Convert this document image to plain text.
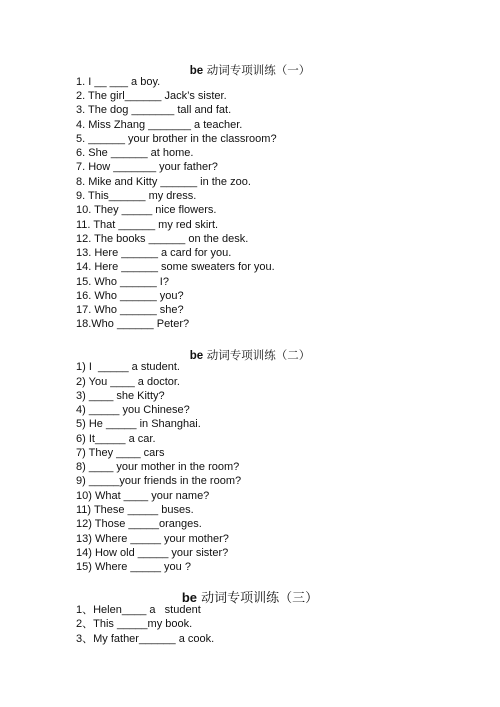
be 动词专项训练（一）
1. I __ ___ a boy.
2. The girl______ Jack’s sister.
3. The dog _______ tall and fat.
4. Miss Zhang _______ a teacher.
5. ______ your brother in the classroom?
6. She ______ at home.
7. How _______ your father?
8. Mike and Kitty ______ in the zoo.
9. This______ my dress.
10. They _____ nice flowers.
11. That ______ my red skirt.
12. The books ______ on the desk.
13. Here ______ a card for you.
14. Here ______ some sweaters for you.
15. Who ______ I?
16. Who ______ you?
17. Who ______ she?
18.Who ______ Peter?
be 动词专项训练（二）
1) I  _____ a student.
2) You ____ a doctor.
3) ____ she Kitty?
4) _____ you Chinese?
5) He _____ in Shanghai.
6) It_____ a car.
7) They ____ cars
8) ____ your mother in the room?
9) _____your friends in the room?
10) What ____ your name?
11) These _____ buses.
12) Those _____oranges.
13) Where _____ your mother?
14) How old _____ your sister?
15) Where _____ you ?
be 动词专项训练（三）
1、Helen____ a   student
2、This _____my book.
3、My father______ a cook.
